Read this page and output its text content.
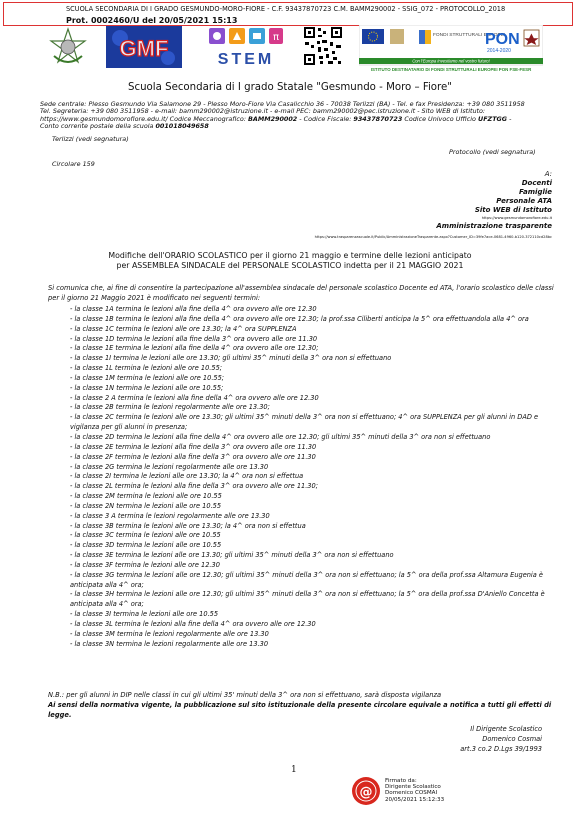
SCUOLA SECONDARIA DI I GRADO GESMUNDO-MORO-FIORE - C.F. 93437870723 C.M. BAMM290002 - SSIG_072 - PROTOCOLLO_2018
Prot. 0002460/U del 20/05/2021 15:13
GMF	π
STEM
FONDI STRUTTURALI EUROPEI
PON
2014-2020
Con l'Europa investiamo nel vostro futuro!
ISTITUTO DESTINATARIO DI FONDI STRUTTURALI EUROPEI PON FSE-FESR
Scuola Secondaria di I grado Statale "Gesmundo - Moro – Fiore"
Sede centrale: Plesso Gesmundo Via Salamone 29 - Plesso Moro-Fiore Via Casalicchio 36 - 70038 Terlizzi (BA) - Tel. e fax Presidenza: +39 080 3511958
Tel. Segreteria: +39 080 3511958 - e-mail: bamm290002@istruzione.it - e-mail PEC: bamm290002@pec.istruzione.it - Sito WEB di Istituto:
https://www.gesmundomorofiore.edu.it/ Codice Meccanografico: BAMM290002 - Codice Fiscale: 93437870723 Codice Univoco Ufficio UFZTGG -
Conto corrente postale della scuola 001018049658
Terlizzi (vedi segnatura)
Protocollo (vedi segnatura)
Circolare 159
A:
Docenti
Famiglie
Personale ATA
Sito WEB di Istituto
https://www.gesmundomorofiore.edu.it
Amministrazione trasparente
https://www.trasparenzascuole.it/Public/AmministrazioneTrasparente.aspx?Customer_ID=39fe7ace-0681-4960-b120-372110cd28bc
Modifiche dell'ORARIO SCOLASTICO per il giorno 21 maggio e termine delle lezioni anticipato
per ASSEMBLEA SINDACALE del PERSONALE SCOLASTICO indetta per il 21 MAGGIO 2021
Si comunica che, ai fine di consentire la partecipazione all'assemblea sindacale del personale scolastico Docente ed ATA, l'orario scolastico delle classi per il giorno 21 Maggio 2021 è modificato nei seguenti termini:
- la classe 1A termina le lezioni alla fine della 4^ ora ovvero alle ore 12.30
- la classe 1B termina le lezioni alla fine della 4^ ora ovvero alle ore 12.30; la prof.ssa Ciliberti anticipa la 5^ ora effettuandola alla 4^ ora
- la classe 1C termina le lezioni alle ore 13.30; la 4^ ora SUPPLENZA
- la classe 1D termina le lezioni alla fine della 3^ ora ovvero alle ore 11.30
- la classe 1E termina le lezioni alla fine della 4^ ora ovvero alle ore 12.30;
- la classe 1I termina le lezioni alle ore 13.30; gli ultimi 35^ minuti della 3^ ora non si effettuano
- la classe 1L termina le lezioni alle ore 10.55;
- la classe 1M termina le lezioni alle ore 10.55;
- la classe 1N termina le lezioni alle ore 10.55;
- la classe 2 A termina le lezioni alla fine della 4^ ora ovvero alle ore 12.30
- la classe 2B termina le lezioni regolarmente alle ore 13.30;
- la classe 2C termina le lezioni alle ore 13.30; gli ultimi 35^ minuti della 3^ ora non si effettuano; 4^ ora SUPPLENZA per gli alunni in DAD e vigilanza per gli alunni in presenza;
- la classe 2D termina le lezioni alla fine della 4^ ora ovvero alle ore 12.30; gli ultimi 35^ minuti della 3^ ora non si effettuano
- la classe 2E termina le lezioni alla fine della 3^ ora ovvero alle ore 11.30
- la classe 2F termina le lezioni alla fine della 3^ ora ovvero alle ore 11.30
- la classe 2G termina le lezioni regolarmente alle ore 13.30
- la classe 2I termina le lezioni alle ore 13.30; la 4^ ora non si effettua
- la classe 2L termina le lezioni alla fine della 3^ ora ovvero alle ore 11.30;
- la classe 2M termina le lezioni alle ore 10.55
- la classe 2N termina le lezioni alle ore 10.55
- la classe 3 A termina le lezioni regolarmente alle ore 13.30
- la classe 3B termina le lezioni alle ore 13.30; la 4^ ora non si effettua
- la classe 3C termina le lezioni alle ore 10.55
- la classe 3D termina le lezioni alle ore 10.55
- la classe 3E termina le lezioni alle ore 13.30; gli ultimi 35^ minuti della 3^ ora non si effettuano
- la classe 3F termina le lezioni alle ore 12.30
- la classe 3G termina le lezioni alle ore 12.30; gli ultimi 35^ minuti della 3^ ora non si effettuano; la 5^ ora della prof.ssa Altamura Eugenia è anticipata alla 4^ ora;
- la classe 3H termina le lezioni alle ore 12.30; gli ultimi 35^ minuti della 3^ ora non si effettuano; la 5^ ora della prof.ssa D'Aniello Concetta è anticipata alla 4^ ora;
- la classe 3I termina le lezioni alle ore 10.55
- la classe 3L termina le lezioni alla fine della 4^ ora ovvero alle ore 12.30
- la classe 3M termina le lezioni regolarmente alle ore 13.30
- la classe 3N termina le lezioni regolarmente alle ore 13.30
N.B.: per gli alunni in DIP nelle classi in cui gli ultimi 35' minuti della 3^ ora non si effettuano, sarà disposta vigilanza
Ai sensi della normativa vigente, la pubblicazione sul sito istituzionale della presente circolare equivale a notifica a tutti gli effetti di legge.
Il Dirigente Scolastico
Domenico Cosmai
art.3 co.2 D.Lgs 39/1993
1
@
Firmato da:
Dirigente Scolastico
Domenico COSMAI
20/05/2021 15:12:33
